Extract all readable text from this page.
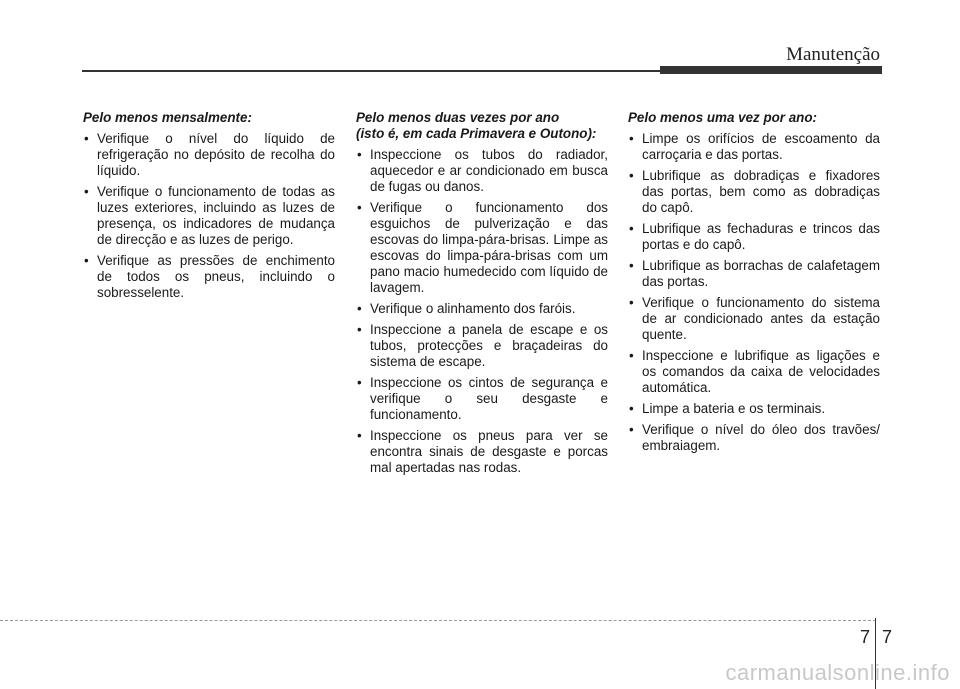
Manutenção
Pelo menos mensalmente:
• Verifique o nível do líquido de refrigeração no depósito de recolha do líquido.
• Verifique o funcionamento de todas as luzes exteriores, incluindo as luzes de presença, os indicadores de mudança de direcção e as luzes de perigo.
• Verifique as pressões de enchimento de todos os pneus, incluindo o sobresselente.
Pelo menos duas vezes por ano
(isto é, em cada Primavera e Outono):
• Inspeccione os tubos do radiador, aquecedor e ar condicionado em busca de fugas ou danos.
• Verifique o funcionamento dos esguichos de pulverização e das escovas do limpa-pára-brisas. Limpe as escovas do limpa-pára-brisas com um pano macio humedecido com líquido de lavagem.
• Verifique o alinhamento dos faróis.
• Inspeccione a panela de escape e os tubos, protecções e braçadeiras do sistema de escape.
• Inspeccione os cintos de segurança e verifique o seu desgaste e funcionamento.
• Inspeccione os pneus para ver se encontra sinais de desgaste e porcas mal apertadas nas rodas.
Pelo menos uma vez por ano:
• Limpe os orifícios de escoamento da carroçaria e das portas.
• Lubrifique as dobradiças e fixadores das portas, bem como as dobradiças do capô.
• Lubrifique as fechaduras e trincos das portas e do capô.
• Lubrifique as borrachas de calafetagem das portas.
• Verifique o funcionamento do sistema de ar condicionado antes da estação quente.
• Inspeccione e lubrifique as ligações e os comandos da caixa de velocidades automática.
• Limpe a bateria e os terminais.
• Verifique o nível do óleo dos travões/ embraiagem.
7 7
carmanualsonline.info
